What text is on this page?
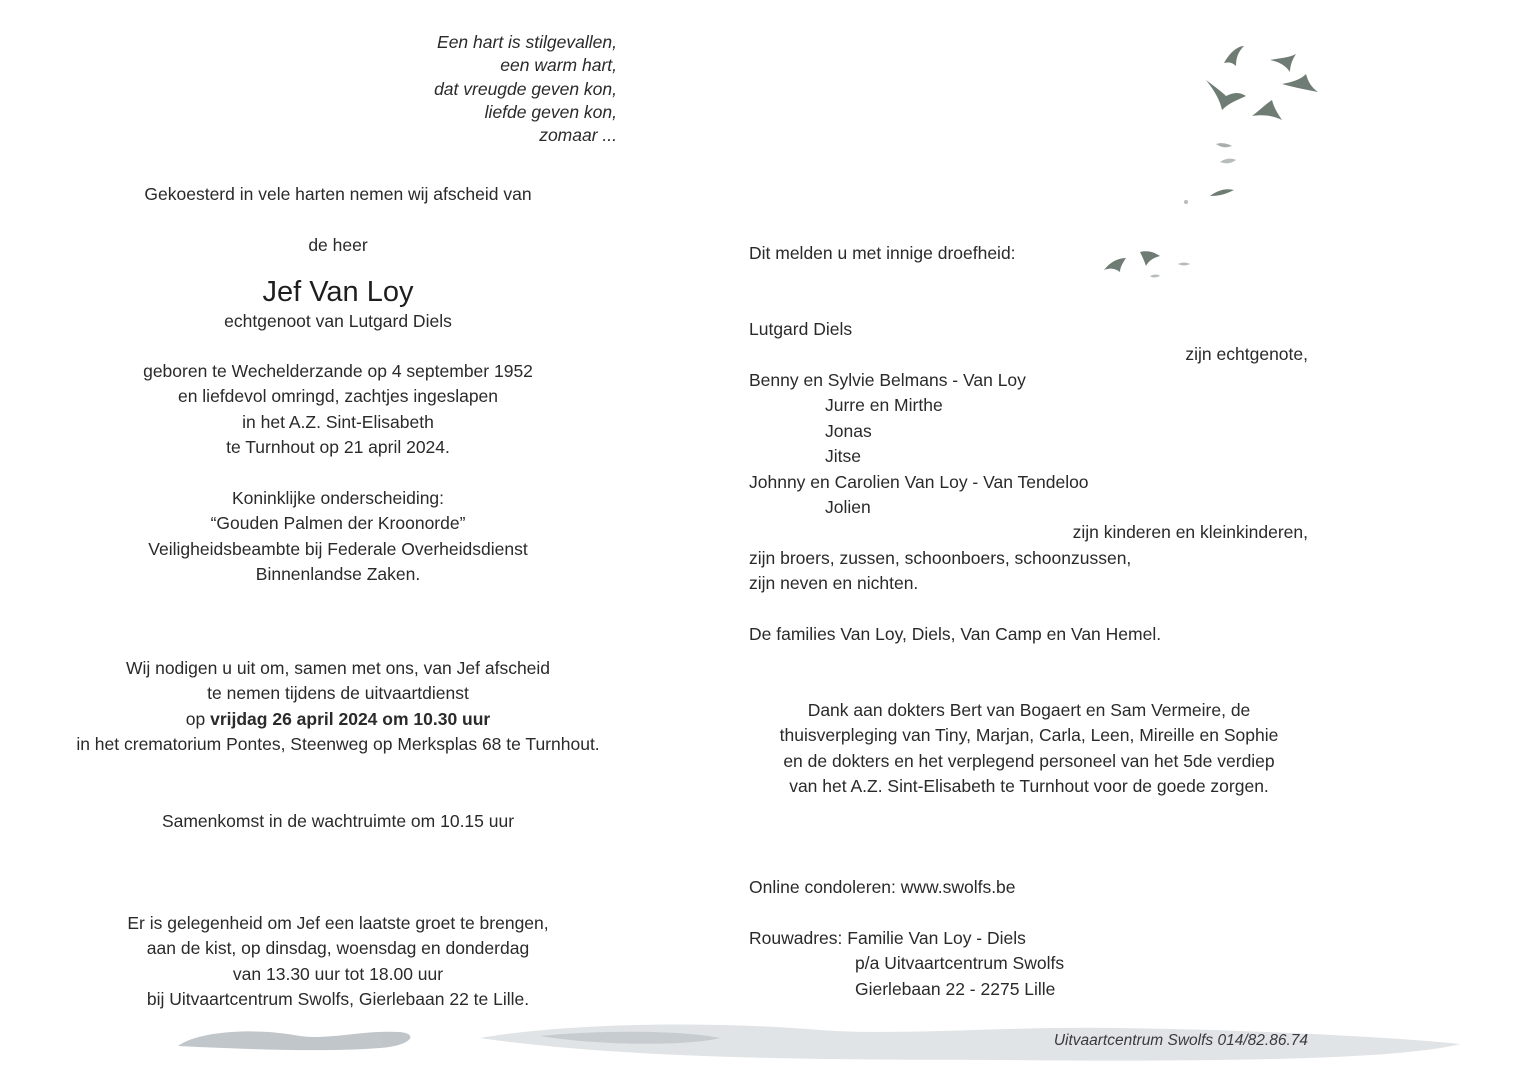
Een hart is stilgevallen,
een warm hart,
dat vreugde geven kon,
liefde geven kon,
zomaar ...
Gekoesterd in vele harten nemen wij afscheid van
de heer
Jef Van Loy
echtgenoot van Lutgard Diels
geboren te Wechelderzande op 4 september 1952
en liefdevol omringd, zachtjes ingeslapen
in het A.Z. Sint-Elisabeth
te Turnhout op 21 april 2024.
Koninklijke onderscheiding:
“Gouden Palmen der Kroonorde”
Veiligheidsbeambte bij Federale Overheidsdienst
Binnenlandse Zaken.
Wij nodigen u uit om, samen met ons, van Jef afscheid
te nemen tijdens de uitvaartdienst
op vrijdag 26 april 2024 om 10.30 uur
in het crematorium Pontes, Steenweg op Merksplas 68 te Turnhout.
Samenkomst in de wachtruimte om 10.15 uur
Er is gelegenheid om Jef een laatste groet te brengen,
aan de kist, op dinsdag, woensdag en donderdag
van 13.30 uur tot 18.00 uur
bij Uitvaartcentrum Swolfs, Gierlebaan 22 te Lille.
Dit melden u met innige droefheid:
Lutgard Diels
zijn echtgenote,
Benny en Sylvie Belmans - Van Loy
Jurre en Mirthe
Jonas
Jitse
Johnny en Carolien Van Loy - Van Tendeloo
Jolien
zijn kinderen en kleinkinderen,
zijn broers, zussen, schoonboers, schoonzussen,
zijn neven en nichten.
De families Van Loy, Diels, Van Camp en Van Hemel.
Dank aan dokters Bert van Bogaert en Sam Vermeire, de
thuisverpleging van Tiny, Marjan, Carla, Leen, Mireille en Sophie
en de dokters en het verplegend personeel van het 5de verdiep
van het A.Z. Sint-Elisabeth te Turnhout voor de goede zorgen.
Online condoleren: www.swolfs.be
Rouwadres: Familie Van Loy - Diels
p/a Uitvaartcentrum Swolfs
Gierlebaan 22 - 2275 Lille
Uitvaartcentrum Swolfs 014/82.86.74
